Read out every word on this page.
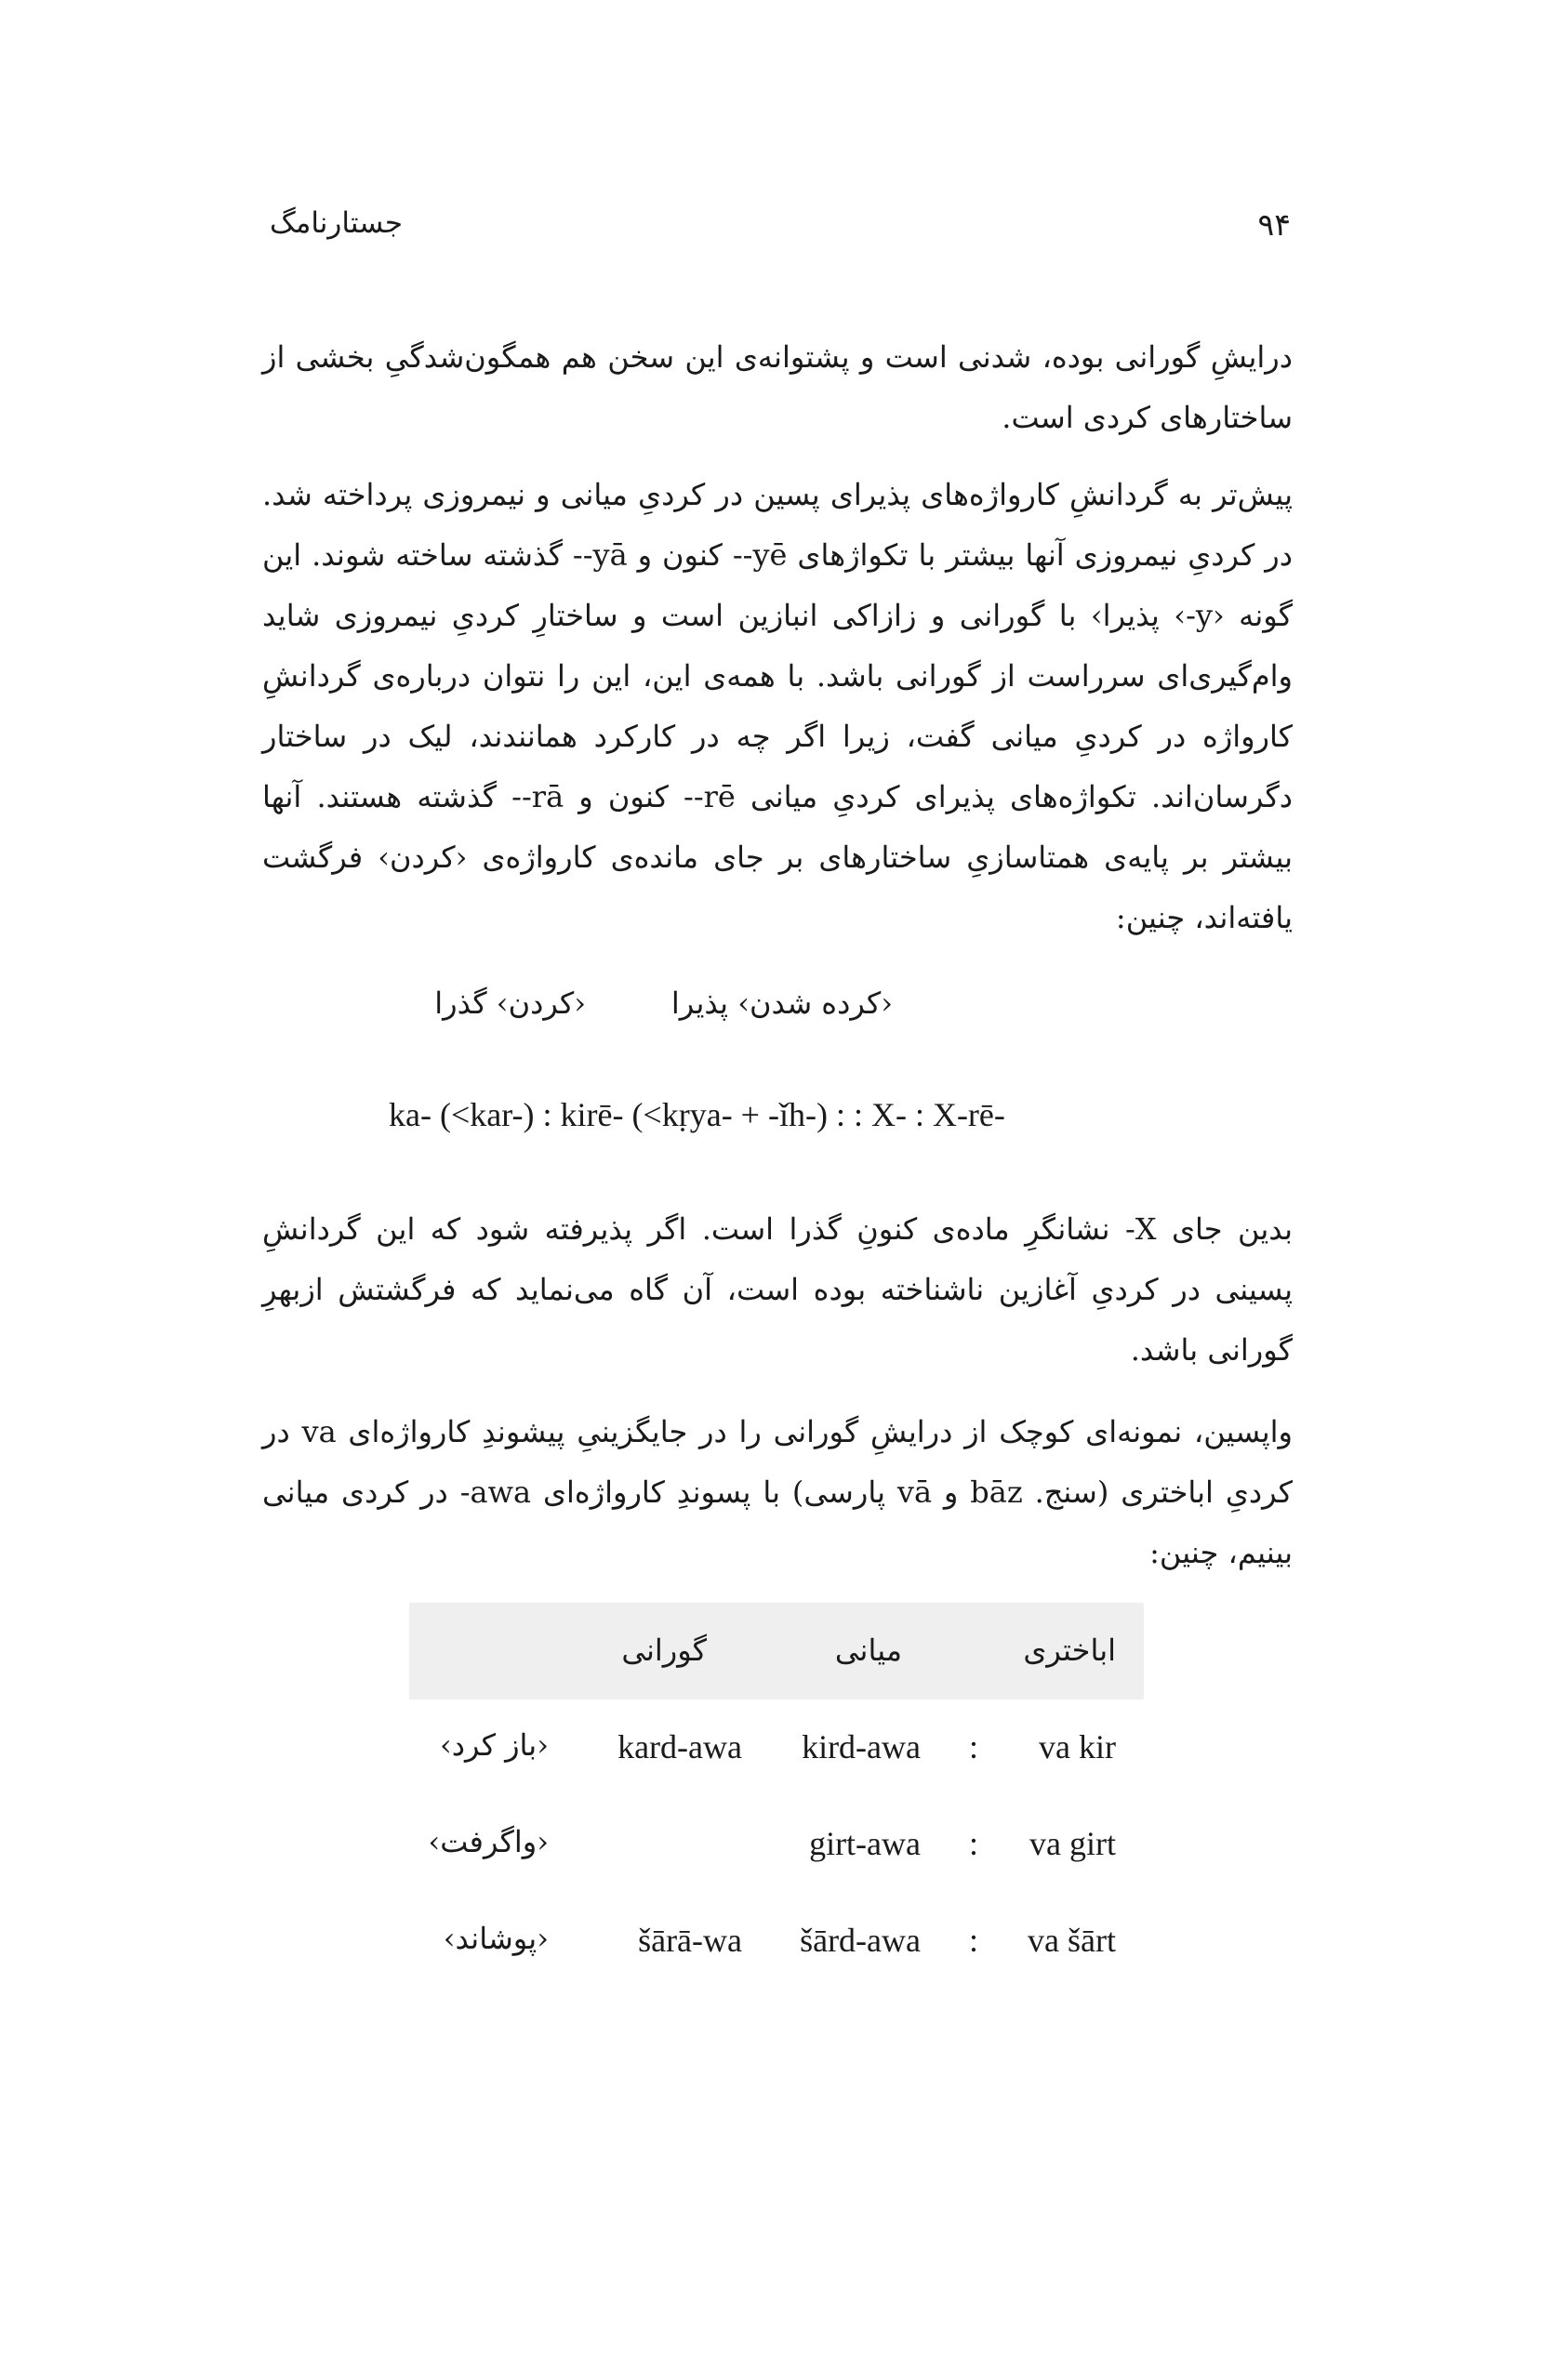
جستارنامگ	۹۴

درایشِ گورانی بوده، شدنی است و پشتوانه‌ی این سخن هم همگون‌شدگیِ بخشی از ساختارهای کردی است.

پیش‌تر به گردانشِ کارواژه‌های پذیرای پسین در کردیِ میانی و نیمروزی پرداخته شد. در کردیِ نیمروزی آنها بیشتر با تکواژهای ‎-yē‎- کنون و ‎-yā‎- گذشته ساخته شوند. این گونه ‹‎-y‎› پذیرا› با گورانی و زازاکی انبازین است و ساختارِ کردیِ نیمروزی شاید وام‌گیری‌ای سرراست از گورانی باشد. با همه‌ی این، این را نتوان درباره‌ی گردانشِ کارواژه در کردیِ میانی گفت، زیرا اگر چه در کارکرد همانندند، لیک در ساختار دگرسان‌اند. تکواژه‌های پذیرای کردیِ میانی ‎-rē‎- کنون و ‎-rā‎- گذشته هستند. آنها بیشتر بر پایه‌ی همتاسازیِ ساختارهای بر جای مانده‌ی کارواژه‌ی ‹کردن› فرگشت یافته‌اند، چنین:

‹کرده شدن› پذیرا
‹کردن› گذرا
ka- (<kar-) : kirē- (<kṛya- + -ǐh-) : : X- : X-rē-

بدین جای ‎-X‎ نشانگرِ ماده‌ی کنونِ گذرا است. اگر پذیرفته شود که این گردانشِ پسینی در کردیِ آغازین ناشناخته بوده است، آن گاه می‌نماید که فرگشتش ازبهرِ گورانی باشد.

واپسین، نمونه‌ای کوچک از درایشِ گورانی را در جایگزینیِ پیشوندِ کارواژه‌ای va در کردیِ اباختری (سنج. bāz و vā پارسی) با پسوندِ کارواژه‌ای ‎-awa‎ در کردی میانی بینیم، چنین:

اباختری
میانی
گورانی
va kir
:
kird-awa
kard-awa
‹باز کرد›
va girt
:
girt-awa
‹واگرفت›
va šārt
:
šārd-awa
šārā-wa
‹پوشاند›
